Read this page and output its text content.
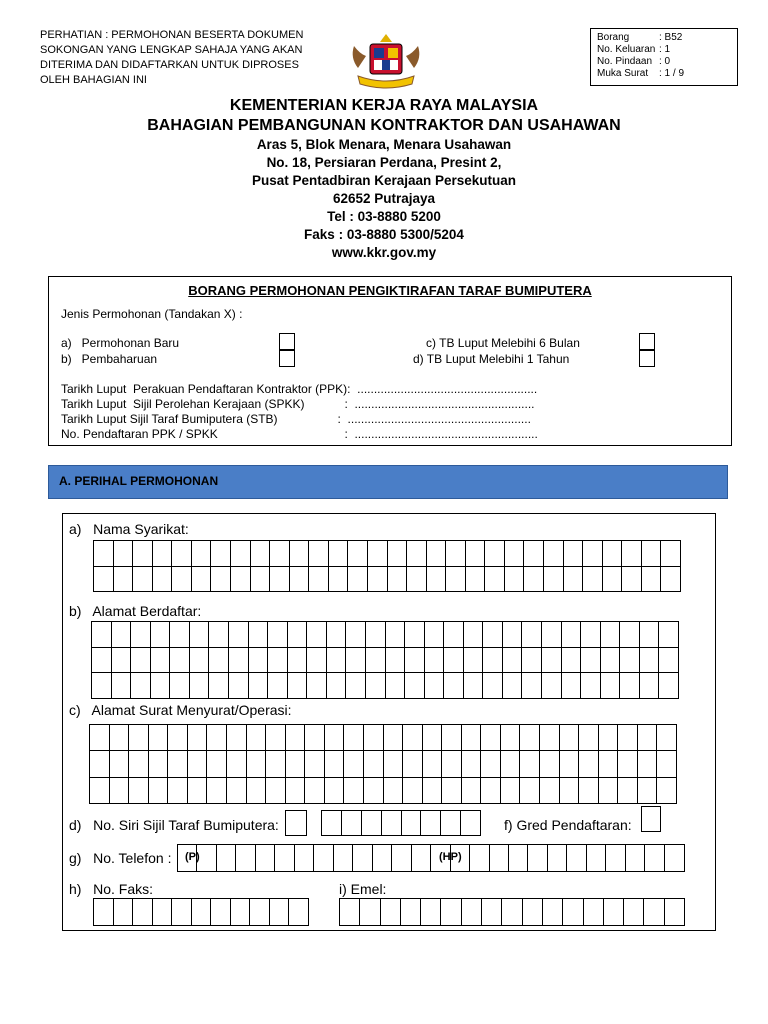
PERHATIAN : PERMOHONAN BESERTA DOKUMEN
SOKONGAN YANG LENGKAP SAHAJA YANG AKAN
DITERIMA DAN DIDAFTARKAN UNTUK DIPROSES
OLEH BAHAGIAN INI
Borang	: B52
No. Keluaran : 1
No. Pindaan : 0
Muka Surat	: 1 / 9
KEMENTERIAN KERJA RAYA MALAYSIA
BAHAGIAN PEMBANGUNAN KONTRAKTOR DAN USAHAWAN
Aras 5, Blok Menara, Menara Usahawan
No. 18, Persiaran Perdana, Presint 2,
Pusat Pentadbiran Kerajaan Persekutuan
62652 Putrajaya
Tel : 03-8880 5200
Faks : 03-8880 5300/5204
www.kkr.gov.my
BORANG PERMOHONAN PENGIKTIRAFAN TARAF BUMIPUTERA
Jenis Permohonan (Tandakan X) :
a)   Permohonan Baru
b)   Pembaharuan
c) TB Luput Melebihi 6 Bulan
d) TB Luput Melebihi 1 Tahun
Tarikh Luput  Perakuan Pendaftaran Kontraktor (PPK):  ......................................................
Tarikh Luput  Sijil Perolehan Kerajaan (SPKK)            :  ......................................................
Tarikh Luput Sijil Taraf Bumiputera (STB)                  :  .......................................................
No. Pendaftaran PPK / SPKK                                      :  .......................................................
A. PERIHAL PERMOHONAN
a)   Nama Syarikat:
b)   Alamat Berdaftar:
c)   Alamat Surat Menyurat/Operasi:
d)   No. Siri Sijil Taraf Bumiputera:	f) Gred Pendaftaran:
g)   No. Telefon : (P)	(HP)
h)   No. Faks:	i) Emel:
